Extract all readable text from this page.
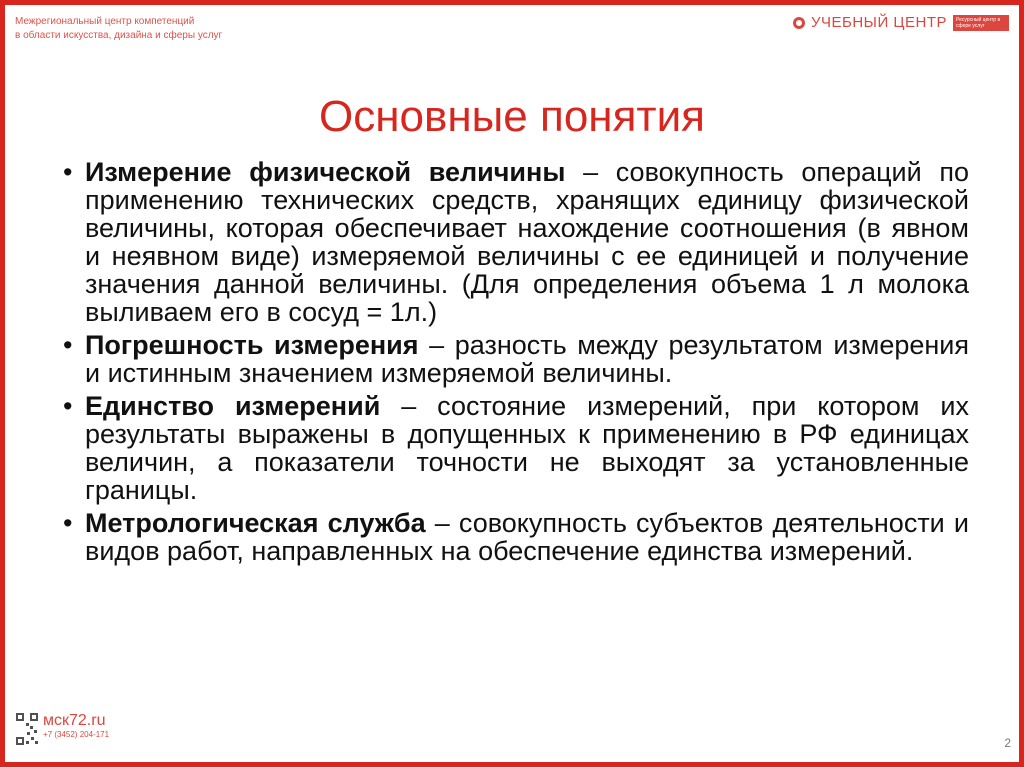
Межрегиональный центр компетенций
в области искусства, дизайна и сферы услуг
УЧЕБНЫЙ ЦЕНТР	Ресурсный центр в сфере услуг
Основные понятия
• Измерение физической величины – совокупность операций по применению технических средств, хранящих единицу физической величины, которая обеспечивает нахождение соотношения (в явном и неявном виде) измеряемой величины с ее единицей и получение значения данной величины. (Для определения объема 1 л молока выливаем его в сосуд = 1л.)
• Погрешность измерения – разность между результатом измерения и истинным значением измеряемой величины.
• Единство измерений – состояние измерений, при котором их результаты выражены в допущенных к применению в РФ единицах величин, а показатели точности не выходят за установленные границы.
• Метрологическая служба – совокупность субъектов деятельности и видов работ, направленных на обеспечение единства измерений.
мск72.ru
+7 (3452) 204-171
2
